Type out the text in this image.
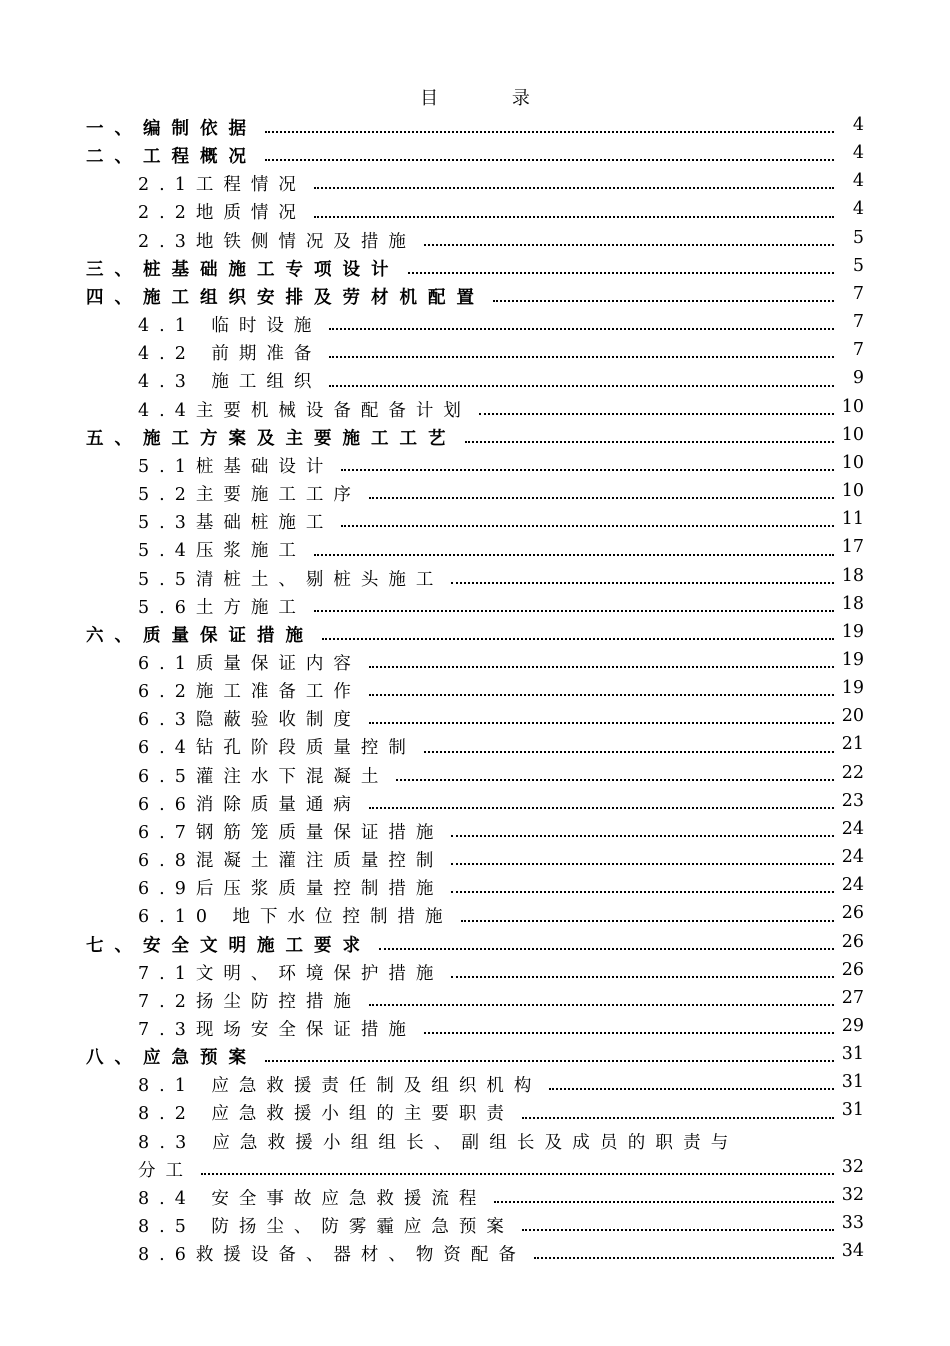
目 录
一、编制依据	4
二、工程概况	4
2.1工程情况	4
2.2地质情况	4
2.3地铁侧情况及措施	5
三、桩基础施工专项设计	5
四、施工组织安排及劳材机配置	7
4.1 临时设施	7
4.2 前期准备	7
4.3 施工组织	9
4.4主要机械设备配备计划	10
五、施工方案及主要施工工艺	10
5.1桩基础设计	10
5.2主要施工工序	10
5.3基础桩施工	11
5.4压浆施工	17
5.5清桩土、剔桩头施工	18
5.6土方施工	18
六、质量保证措施	19
6.1质量保证内容	19
6.2施工准备工作	19
6.3隐蔽验收制度	20
6.4钻孔阶段质量控制	21
6.5灌注水下混凝土	22
6.6消除质量通病	23
6.7钢筋笼质量保证措施	24
6.8混凝土灌注质量控制	24
6.9后压浆质量控制措施	24
6.10 地下水位控制措施	26
七、安全文明施工要求	26
7.1文明、环境保护措施	26
7.2扬尘防控措施	27
7.3现场安全保证措施	29
八、应急预案	31
8.1 应急救援责任制及组织机构	31
8.2 应急救援小组的主要职责	31
8.3 应急救援小组组长、副组长及成员的职责与
分工	32
8.4 安全事故应急救援流程	32
8.5 防扬尘、防雾霾应急预案	33
8.6救援设备、器材、物资配备	34
